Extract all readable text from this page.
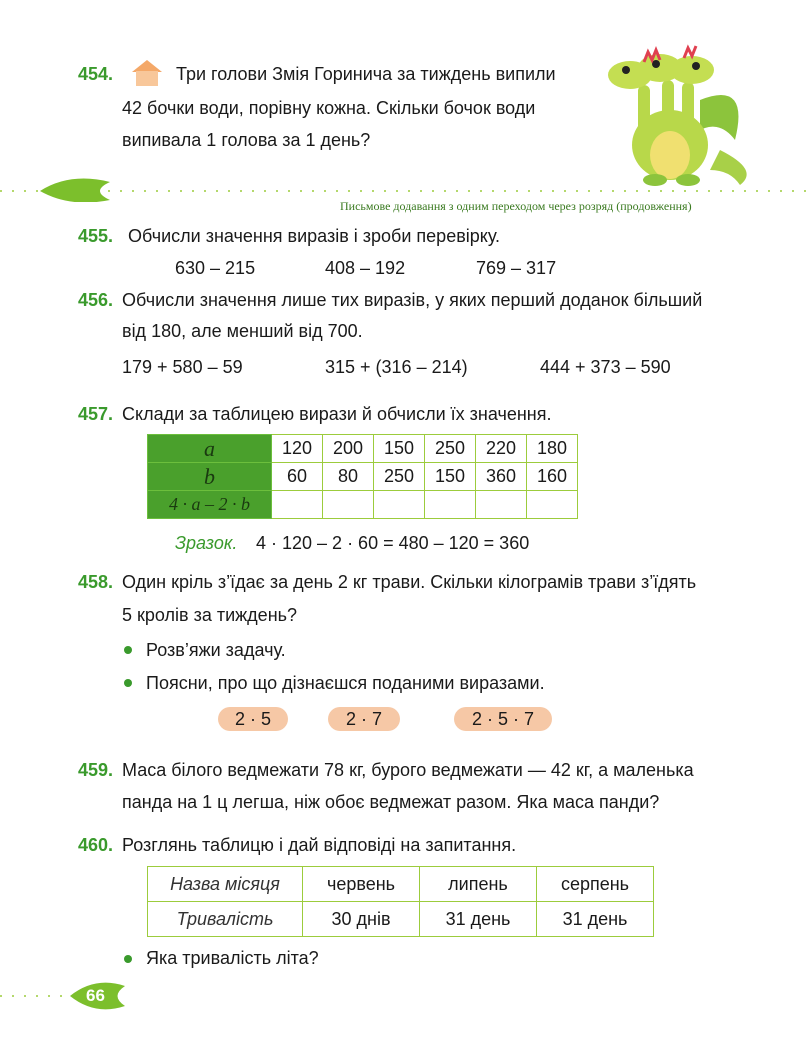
454.	Три голови Змія Горинича за тиждень випили
42 бочки води, порівну кожна. Скільки бочок води
випивала 1 голова за 1 день?
Письмове додавання з одним переходом через розряд (продовження)
455. Обчисли значення виразів і зроби перевірку.
630 – 215	408 – 192	769 – 317
456. Обчисли значення лише тих виразів, у яких перший доданок більший
від 180, але менший від 700.
179 + 580 – 59	315 + (316 – 214)	444 + 373 – 590
457. Склади за таблицею вирази й обчисли їх значення.
a	120	200	150	250	220	180
b	60	80	250	150	360	160
4 · a – 2 · b						
Зразок. 4 · 120 – 2 · 60 = 480 – 120 = 360
458. Один кріль з’їдає за день 2 кг трави. Скільки кілограмів трави з’їдять
5 кролів за тиждень?
Розв’яжи задачу.
Поясни, про що дізнаєшся поданими виразами.
2 · 5	2 · 7	2 · 5 · 7
459. Маса білого ведмежати 78 кг, бурого ведмежати — 42 кг, а маленька
панда на 1 ц легша, ніж обоє ведмежат разом. Яка маса панди?
460. Розглянь таблицю і дай відповіді на запитання.
Назва місяця	червень	липень	серпень
Тривалість	30 днів	31 день	31 день
Яка тривалість літа?
66
